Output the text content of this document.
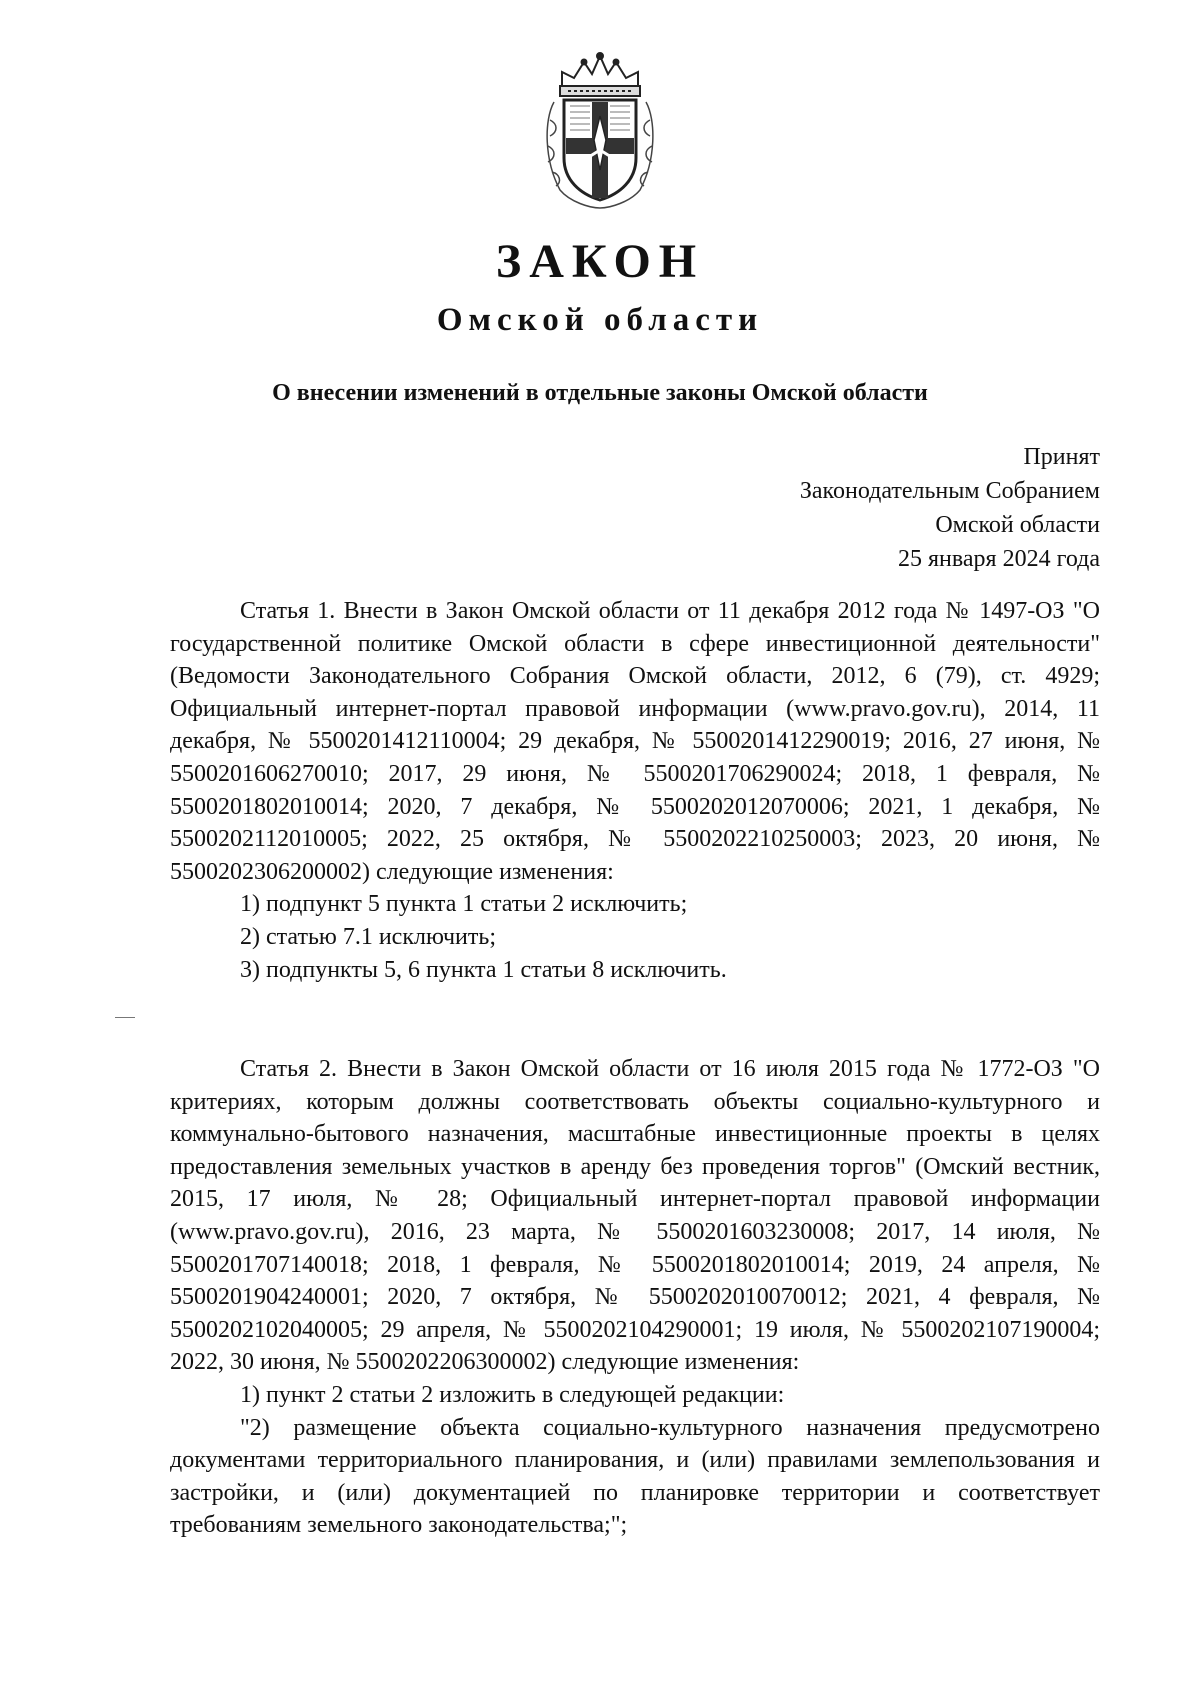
ЗАКОН
Омской области
О внесении изменений в отдельные законы Омской области
Принят
Законодательным Собранием
Омской области
25 января 2024 года

Статья 1. Внести в Закон Омской области от 11 декабря 2012 года № 1497-ОЗ "О государственной политике Омской области в сфере инвестиционной деятельности" (Ведомости Законодательного Собрания Омской области, 2012, 6 (79), ст. 4929; Официальный интернет-портал правовой информации (www.pravo.gov.ru), 2014, 11 декабря, № 5500201412110004; 29 декабря, № 5500201412290019; 2016, 27 июня, № 5500201606270010; 2017, 29 июня, № 5500201706290024; 2018, 1 февраля, № 5500201802010014; 2020, 7 декабря, № 5500202012070006; 2021, 1 декабря, № 5500202112010005; 2022, 25 октября, № 5500202210250003; 2023, 20 июня, № 5500202306200002) следующие изменения:

1) подпункт 5 пункта 1 статьи 2 исключить;

2) статью 7.1 исключить;

3) подпункты 5, 6 пункта 1 статьи 8 исключить.

Статья 2. Внести в Закон Омской области от 16 июля 2015 года № 1772-ОЗ "О критериях, которым должны соответствовать объекты социально-культурного и коммунально-бытового назначения, масштабные инвестиционные проекты в целях предоставления земельных участков в аренду без проведения торгов" (Омский вестник, 2015, 17 июля, № 28; Официальный интернет-портал правовой информации (www.pravo.gov.ru), 2016, 23 марта, № 5500201603230008; 2017, 14 июля, № 5500201707140018; 2018, 1 февраля, № 5500201802010014; 2019, 24 апреля, № 5500201904240001; 2020, 7 октября, № 5500202010070012; 2021, 4 февраля, № 5500202102040005; 29 апреля, № 5500202104290001; 19 июля, № 5500202107190004; 2022, 30 июня, № 5500202206300002) следующие изменения:

1) пункт 2 статьи 2 изложить в следующей редакции:

"2) размещение объекта социально-культурного назначения предусмотрено документами территориального планирования, и (или) правилами землепользования и застройки, и (или) документацией по планировке территории и соответствует требованиям земельного законодательства;";
